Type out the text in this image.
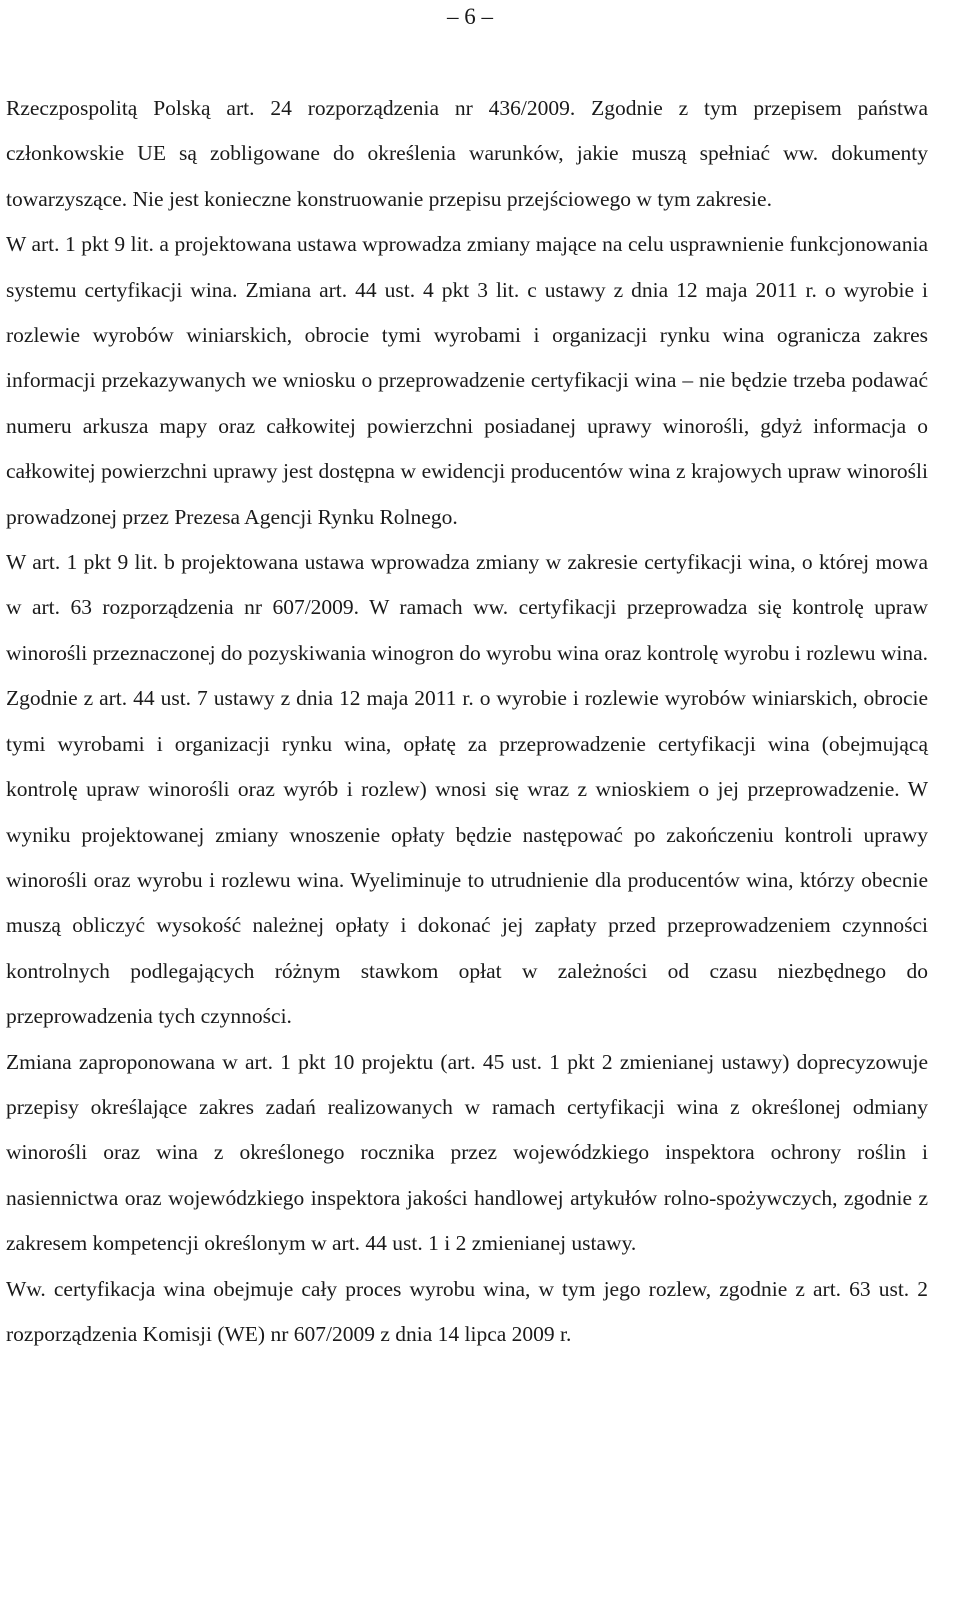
– 6 –

Rzeczpospolitą Polską art. 24 rozporządzenia nr 436/2009. Zgodnie z tym przepisem państwa członkowskie UE są zobligowane do określenia warunków, jakie muszą spełniać ww. dokumenty towarzyszące. Nie jest konieczne konstruowanie przepisu przejściowego w tym zakresie.

W art. 1 pkt 9 lit. a projektowana ustawa wprowadza zmiany mające na celu usprawnienie funkcjonowania systemu certyfikacji wina. Zmiana art. 44 ust. 4 pkt 3 lit. c ustawy z dnia 12 maja 2011 r. o wyrobie i rozlewie wyrobów winiarskich, obrocie tymi wyrobami i organizacji rynku wina ogranicza zakres informacji przekazywanych we wniosku o przeprowadzenie certyfikacji wina – nie będzie trzeba podawać numeru arkusza mapy oraz całkowitej powierzchni posiadanej uprawy winorośli, gdyż informacja o całkowitej powierzchni uprawy jest dostępna w ewidencji producentów wina z krajowych upraw winorośli prowadzonej przez Prezesa Agencji Rynku Rolnego.

W art. 1 pkt 9 lit. b projektowana ustawa wprowadza zmiany w zakresie certyfikacji wina, o której mowa w art. 63 rozporządzenia nr 607/2009. W ramach ww. certyfikacji przeprowadza się kontrolę upraw winorośli przeznaczonej do pozyskiwania winogron do wyrobu wina oraz kontrolę wyrobu i rozlewu wina. Zgodnie z art. 44 ust. 7 ustawy z dnia 12 maja 2011 r. o wyrobie i rozlewie wyrobów winiarskich, obrocie tymi wyrobami i organizacji rynku wina, opłatę za przeprowadzenie certyfikacji wina (obejmującą kontrolę upraw winorośli oraz wyrób i rozlew) wnosi się wraz z wnioskiem o jej przeprowadzenie. W wyniku projektowanej zmiany wnoszenie opłaty będzie następować po zakończeniu kontroli uprawy winorośli oraz wyrobu i rozlewu wina. Wyeliminuje to utrudnienie dla producentów wina, którzy obecnie muszą obliczyć wysokość należnej opłaty i dokonać jej zapłaty przed przeprowadzeniem czynności kontrolnych podlegających różnym stawkom opłat w zależności od czasu niezbędnego do przeprowadzenia tych czynności.

Zmiana zaproponowana w art. 1 pkt 10 projektu (art. 45 ust. 1 pkt 2 zmienianej ustawy) doprecyzowuje przepisy określające zakres zadań realizowanych w ramach certyfikacji wina z określonej odmiany winorośli oraz wina z określonego rocznika przez wojewódzkiego inspektora ochrony roślin i nasiennictwa oraz wojewódzkiego inspektora jakości handlowej artykułów rolno-spożywczych, zgodnie z zakresem kompetencji określonym w art. 44 ust. 1 i 2 zmienianej ustawy.

Ww. certyfikacja wina obejmuje cały proces wyrobu wina, w tym jego rozlew, zgodnie z art. 63 ust. 2 rozporządzenia Komisji (WE) nr 607/2009 z dnia 14 lipca 2009 r.
